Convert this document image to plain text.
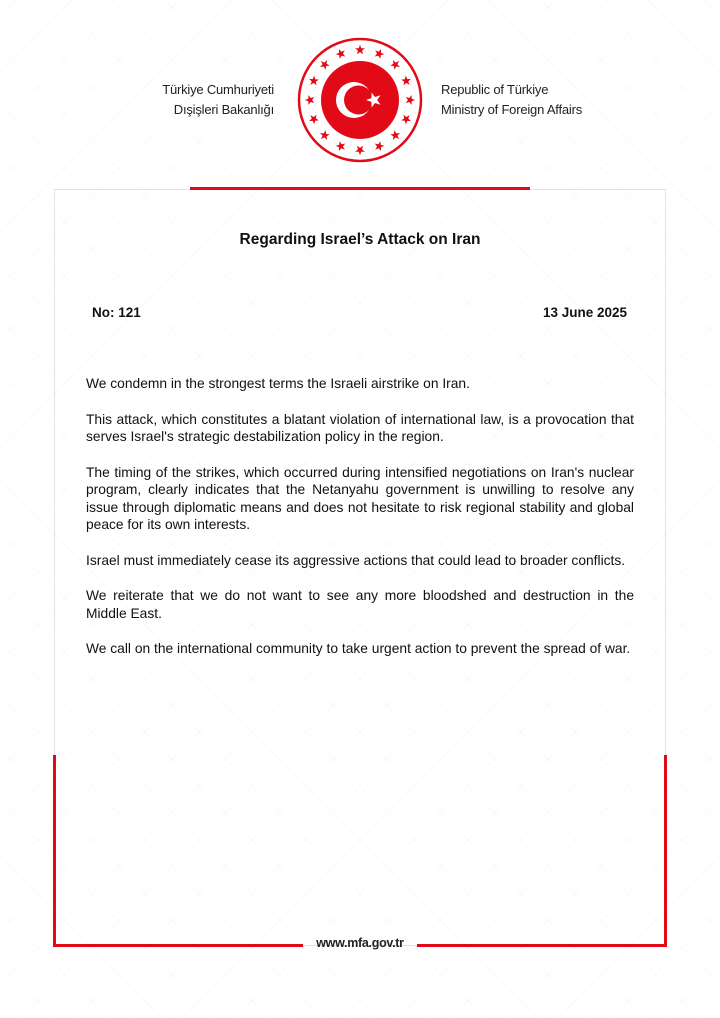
Türkiye Cumhuriyeti
Dışişleri Bakanlığı
Republic of Türkiye
Ministry of Foreign Affairs
Regarding Israel’s Attack on Iran
No: 121	13 June 2025

We condemn in the strongest terms the Israeli airstrike on Iran.

This attack, which constitutes a blatant violation of international law, is a provocation that serves Israel's strategic destabilization policy in the region.

The timing of the strikes, which occurred during intensified negotiations on Iran's nuclear program, clearly indicates that the Netanyahu government is unwilling to resolve any issue through diplomatic means and does not hesitate to risk regional stability and global peace for its own interests.

Israel must immediately cease its aggressive actions that could lead to broader conflicts.

We reiterate that we do not want to see any more bloodshed and destruction in the Middle East.

We call on the international community to take urgent action to prevent the spread of war.

www.mfa.gov.tr
